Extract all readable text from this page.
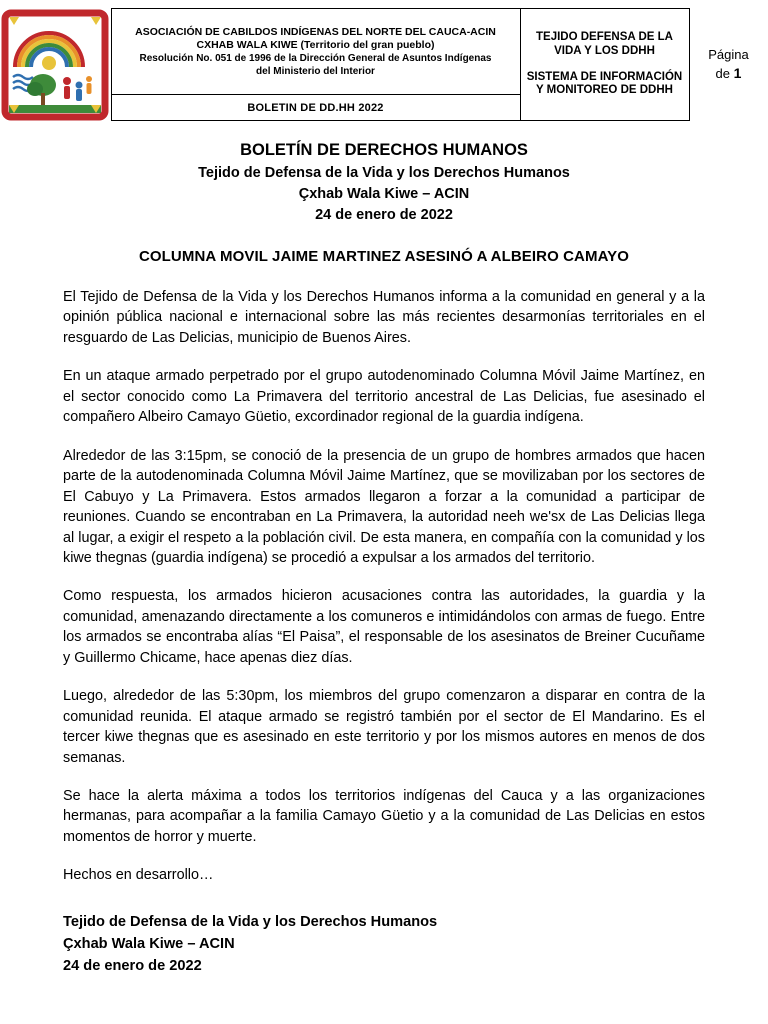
ASOCIACIÓN DE CABILDOS INDÍGENAS DEL NORTE DEL CAUCA-ACIN
CXHAB WALA KIWE (Territorio del gran pueblo)
Resolución No. 051 de 1996 de la Dirección General de Asuntos Indígenas
del Ministerio del Interior

TEJIDO DEFENSA DE LA VIDA Y LOS DDHH
SISTEMA DE INFORMACIÓN Y MONITOREO DE DDHH

Página
de 1

BOLETIN DE DD.HH 2022
BOLETÍN DE DERECHOS HUMANOS
Tejido de Defensa de la Vida y los Derechos Humanos
Çxhab Wala Kiwe – ACIN
24 de enero de 2022
COLUMNA MOVIL JAIME MARTINEZ ASESINÓ A ALBEIRO CAMAYO

El Tejido de Defensa de la Vida y los Derechos Humanos informa a la comunidad en general y a la opinión pública nacional e internacional sobre las más recientes desarmonías territoriales en el resguardo de Las Delicias, municipio de Buenos Aires.

En un ataque armado perpetrado por el grupo autodenominado Columna Móvil Jaime Martínez, en el sector conocido como La Primavera del territorio ancestral de Las Delicias, fue asesinado el compañero Albeiro Camayo Güetio, excordinador regional de la guardia indígena.

Alrededor de las 3:15pm, se conoció de la presencia de un grupo de hombres armados que hacen parte de la autodenominada Columna Móvil Jaime Martínez, que se movilizaban por los sectores de El Cabuyo y La Primavera. Estos armados llegaron a forzar a la comunidad a participar de reuniones. Cuando se encontraban en La Primavera, la autoridad neeh we'sx de Las Delicias llega al lugar, a exigir el respeto a la población civil. De esta manera, en compañía con la comunidad y los kiwe thegnas (guardia indígena) se procedió a expulsar a los armados del territorio.

Como respuesta, los armados hicieron acusaciones contra las autoridades, la guardia y la comunidad, amenazando directamente a los comuneros e intimidándolos con armas de fuego. Entre los armados se encontraba alías “El Paisa”, el responsable de los asesinatos de Breiner Cucuñame y Guillermo Chicame, hace apenas diez días.

Luego, alrededor de las 5:30pm, los miembros del grupo comenzaron a disparar en contra de la comunidad reunida. El ataque armado se registró también por el sector de El Mandarino. Es el tercer kiwe thegnas que es asesinado en este territorio y por los mismos autores en menos de dos semanas.

Se hace la alerta máxima a todos los territorios indígenas del Cauca y a las organizaciones hermanas, para acompañar a la familia Camayo Güetio y a la comunidad de Las Delicias en estos momentos de horror y muerte.

Hechos en desarrollo…

Tejido de Defensa de la Vida y los Derechos Humanos
Çxhab Wala Kiwe – ACIN
24 de enero de 2022
